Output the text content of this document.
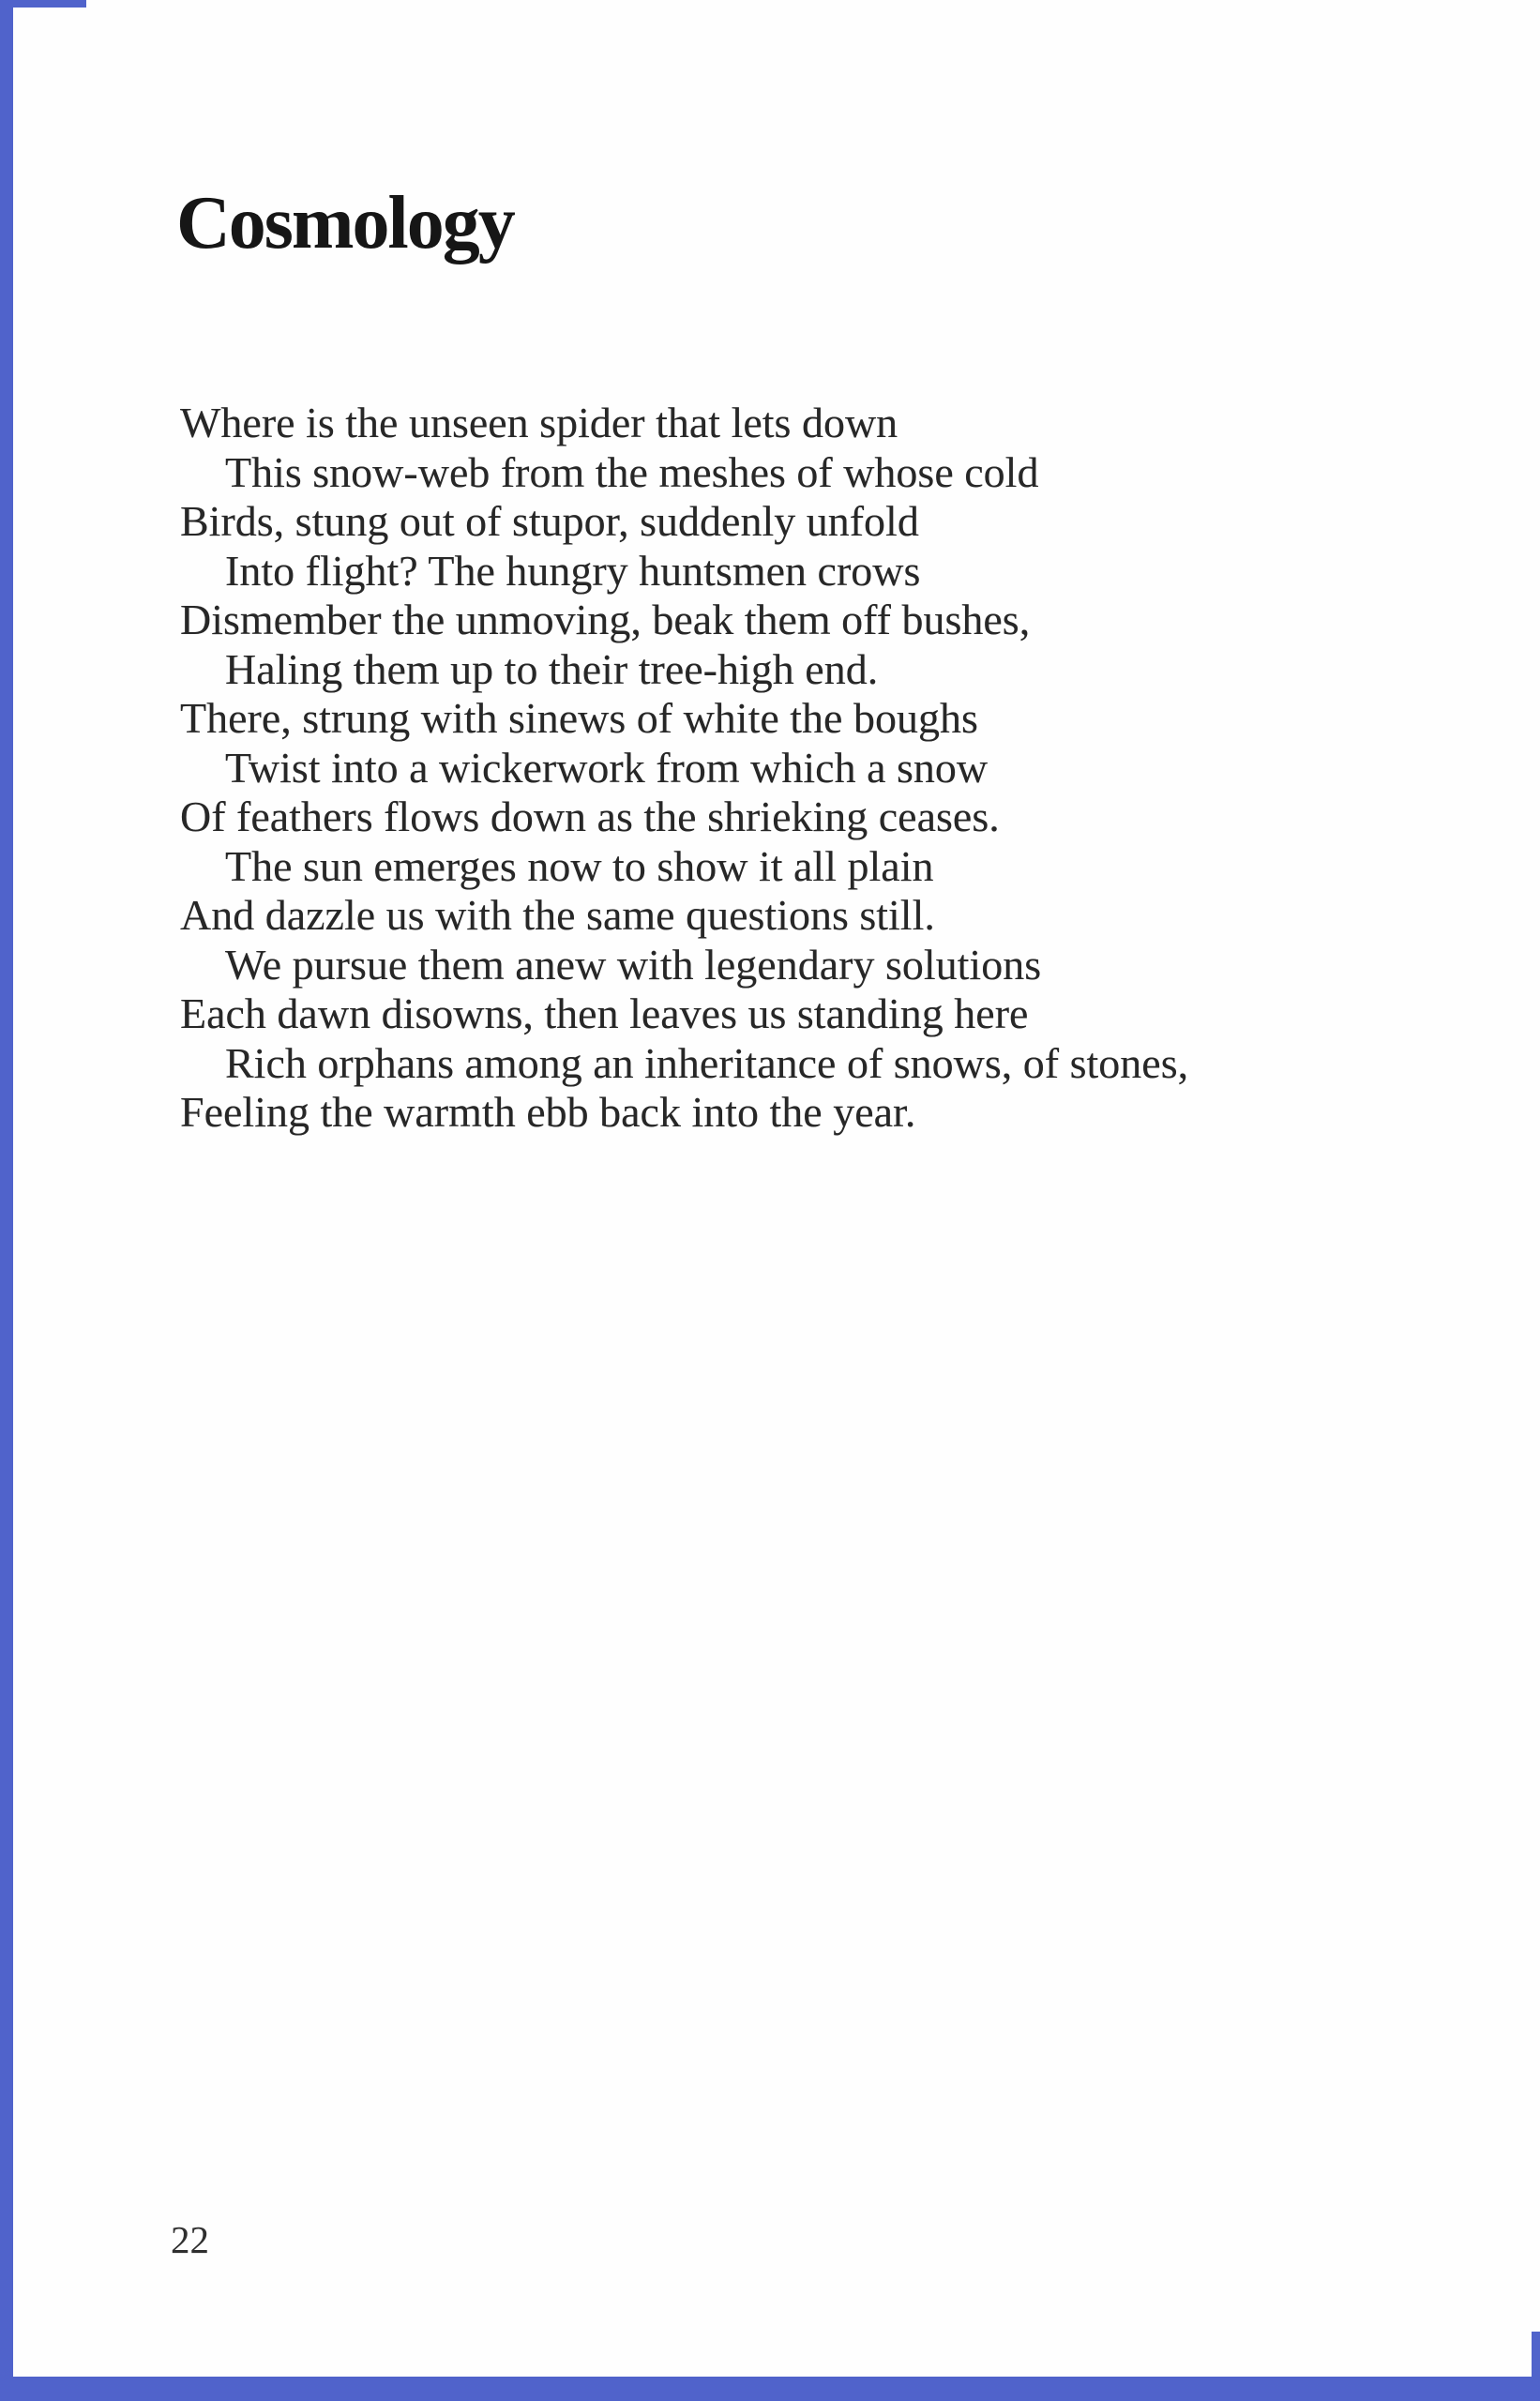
Cosmology
Where is the unseen spider that lets down
This snow-web from the meshes of whose cold
Birds, stung out of stupor, suddenly unfold
Into flight? The hungry huntsmen crows
Dismember the unmoving, beak them off bushes,
Haling them up to their tree-high end.
There, strung with sinews of white the boughs
Twist into a wickerwork from which a snow
Of feathers flows down as the shrieking ceases.
The sun emerges now to show it all plain
And dazzle us with the same questions still.
We pursue them anew with legendary solutions
Each dawn disowns, then leaves us standing here
Rich orphans among an inheritance of snows, of stones,
Feeling the warmth ebb back into the year.
22
